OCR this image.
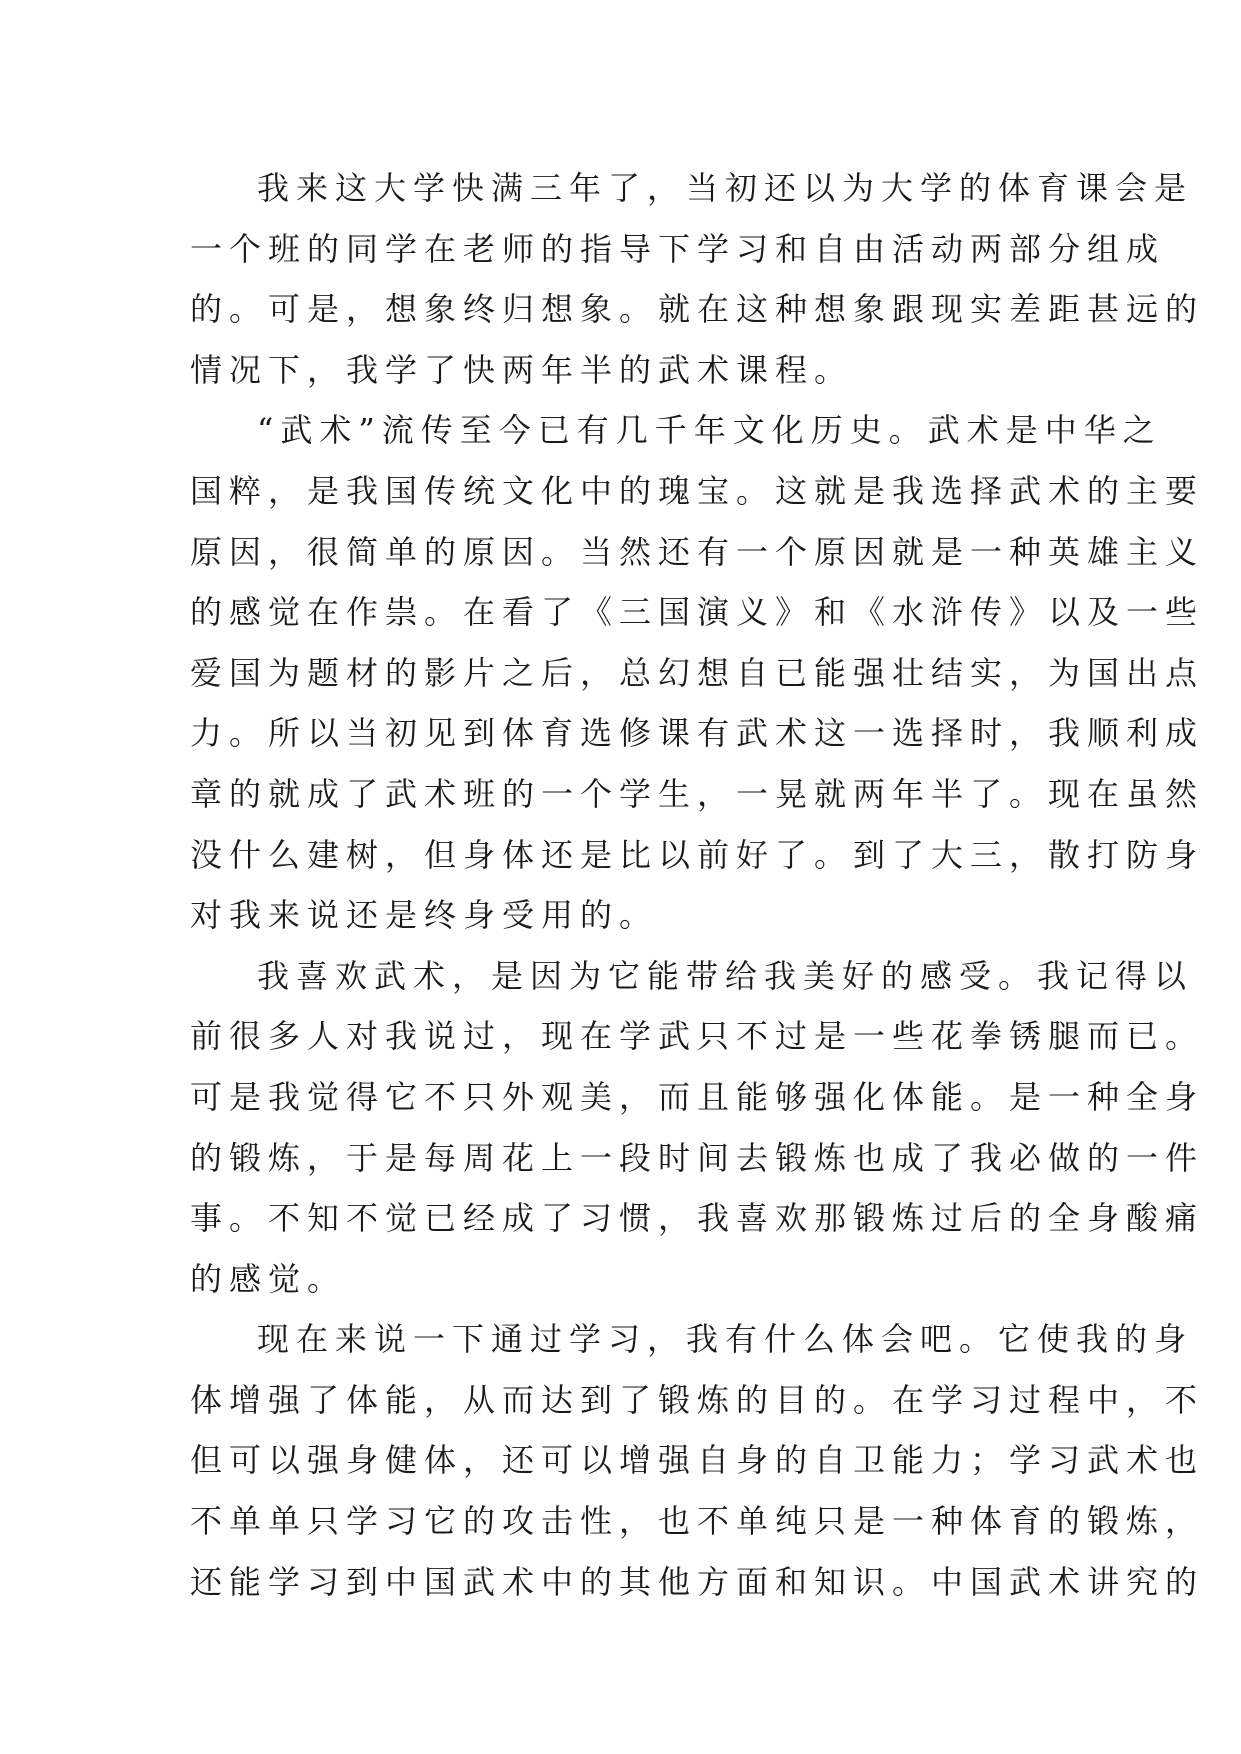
我来这大学快满三年了，当初还以为大学的体育课会是
一个班的同学在老师的指导下学习和自由活动两部分组成
的。可是，想象终归想象。就在这种想象跟现实差距甚远的
情况下，我学了快两年半的武术课程。
“武术”流传至今已有几千年文化历史。武术是中华之
国粹，是我国传统文化中的瑰宝。这就是我选择武术的主要
原因，很简单的原因。当然还有一个原因就是一种英雄主义
的感觉在作祟。在看了《三国演义》和《水浒传》以及一些
爱国为题材的影片之后，总幻想自已能强壮结实，为国出点
力。所以当初见到体育选修课有武术这一选择时，我顺利成
章的就成了武术班的一个学生，一晃就两年半了。现在虽然
没什么建树，但身体还是比以前好了。到了大三，散打防身
对我来说还是终身受用的。
我喜欢武术，是因为它能带给我美好的感受。我记得以
前很多人对我说过，现在学武只不过是一些花拳锈腿而已。
可是我觉得它不只外观美，而且能够强化体能。是一种全身
的锻炼，于是每周花上一段时间去锻炼也成了我必做的一件
事。不知不觉已经成了习惯，我喜欢那锻炼过后的全身酸痛
的感觉。
现在来说一下通过学习，我有什么体会吧。它使我的身
体增强了体能，从而达到了锻炼的目的。在学习过程中，不
但可以强身健体，还可以增强自身的自卫能力；学习武术也
不单单只学习它的攻击性，也不单纯只是一种体育的锻炼，
还能学习到中国武术中的其他方面和知识。中国武术讲究的
